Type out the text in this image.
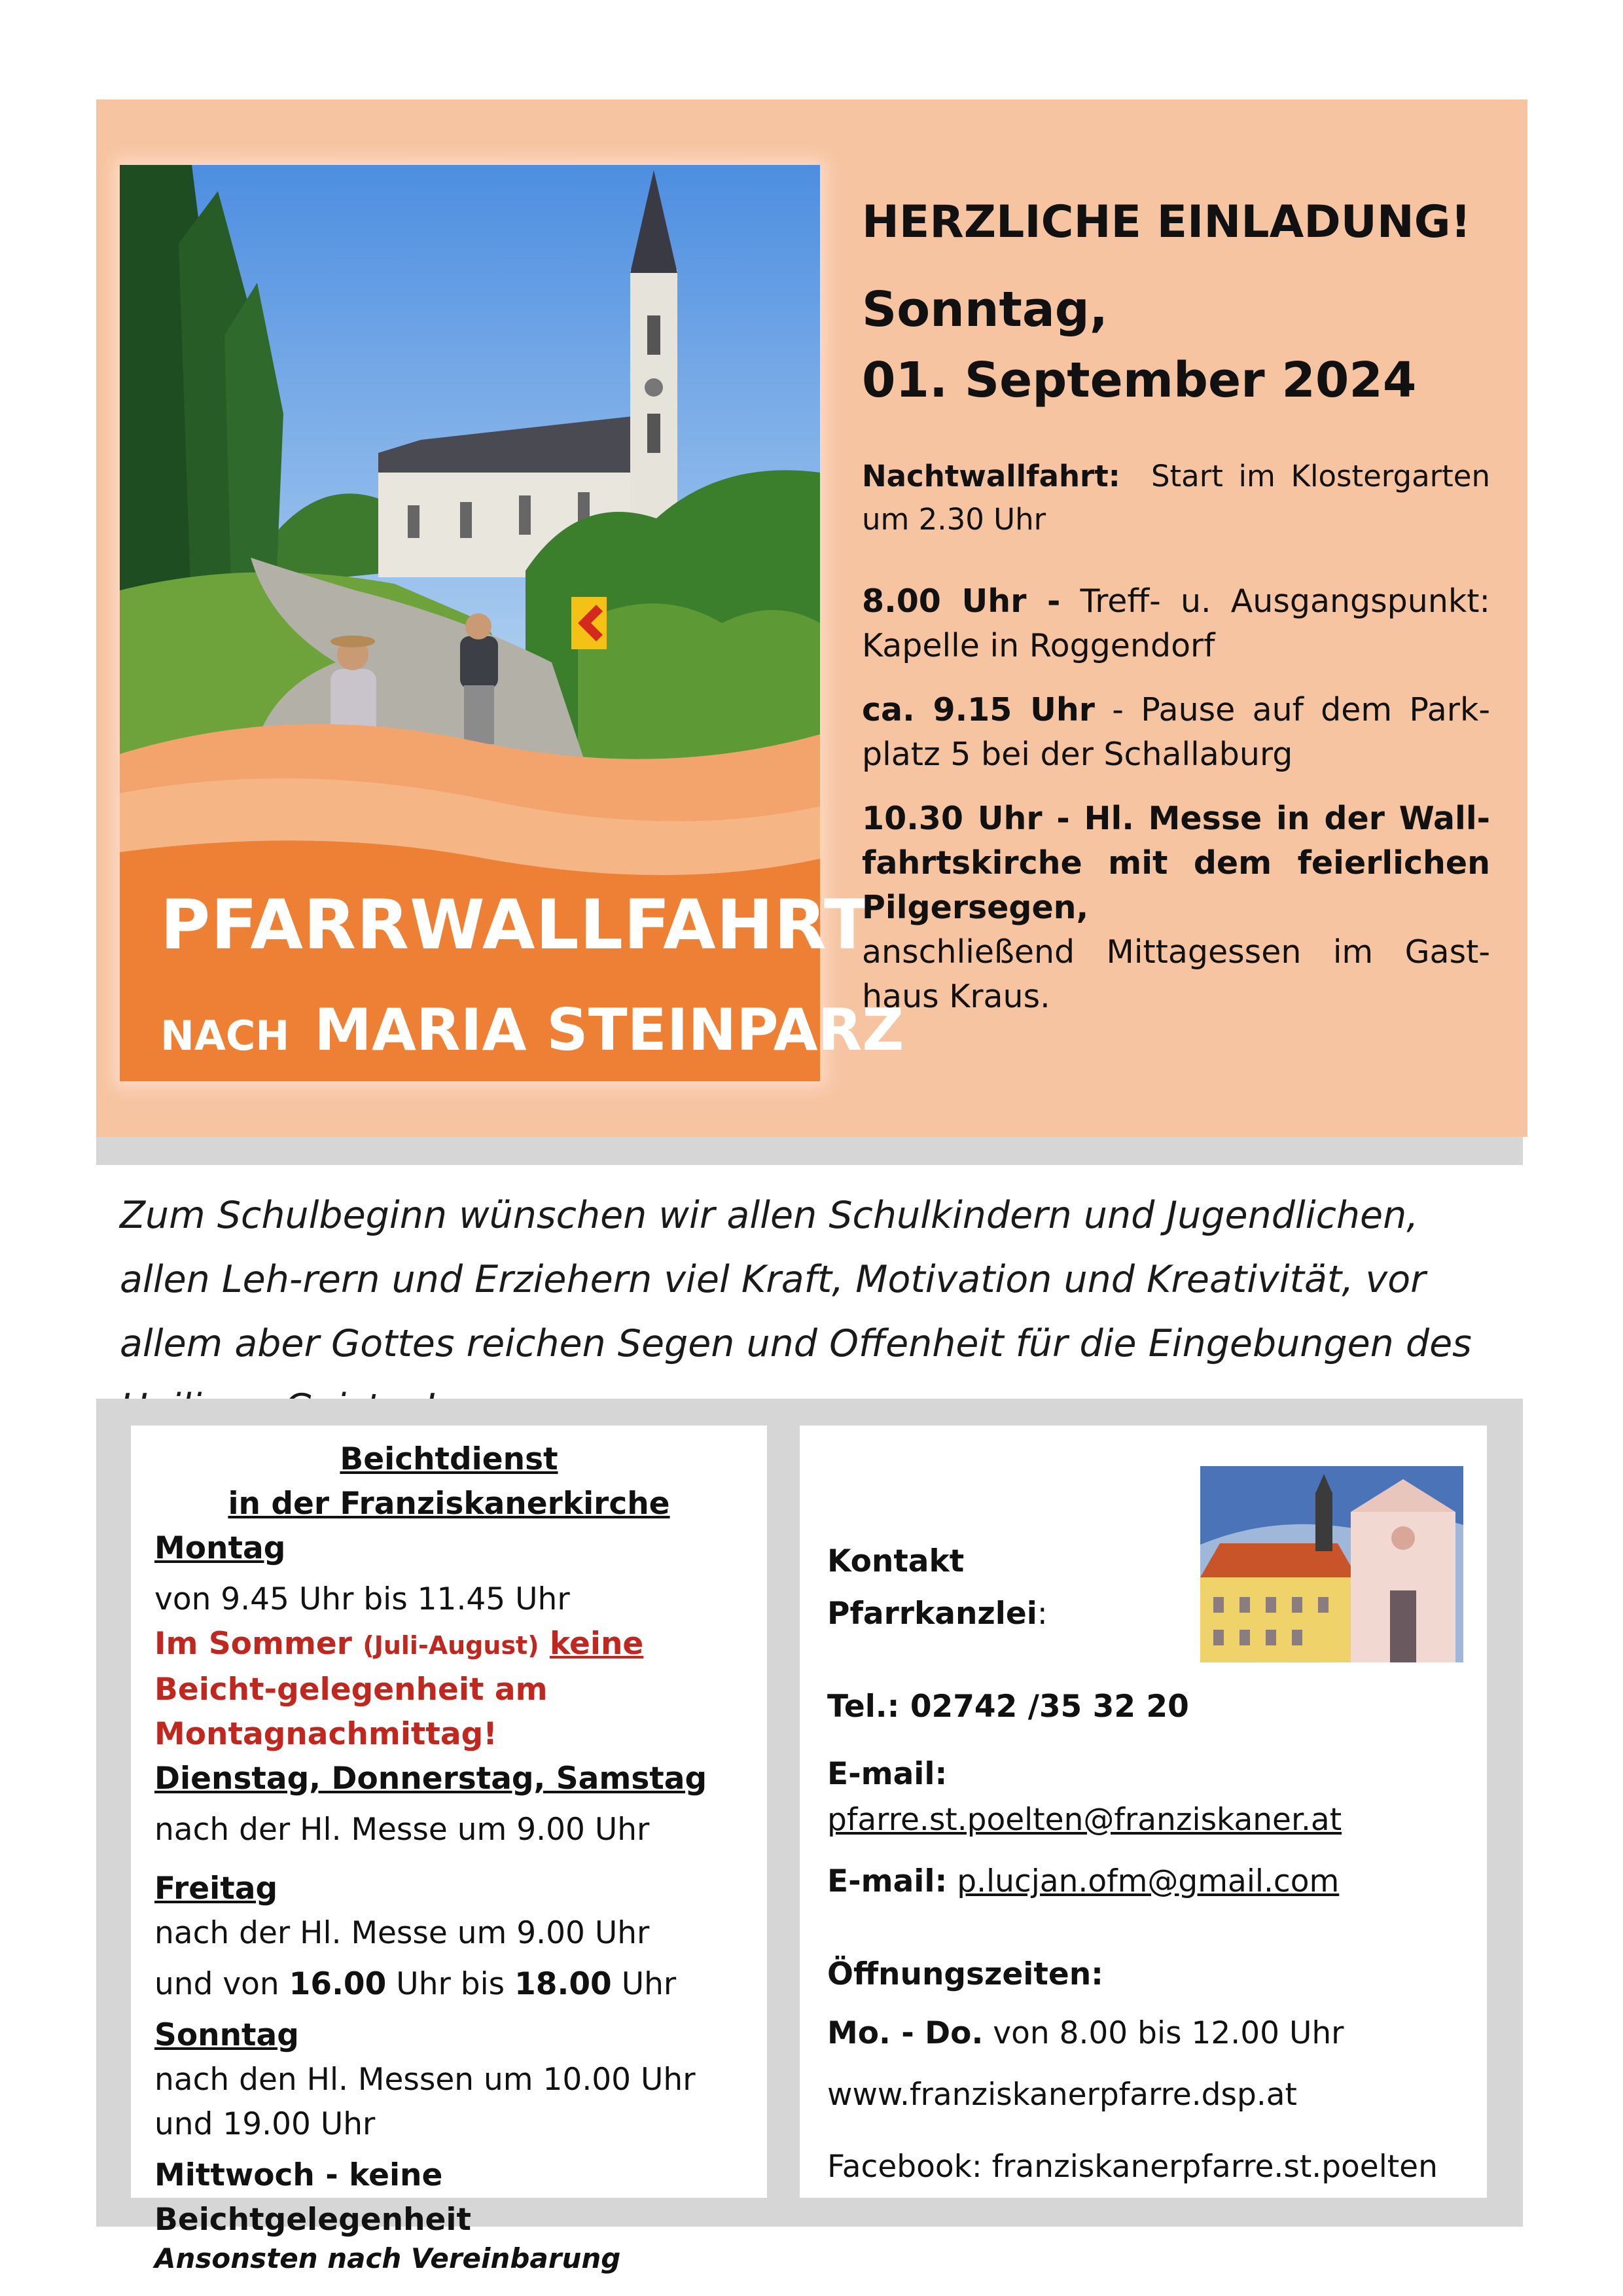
PFARRWALLFAHRT

NACH MARIA STEINPARZ

HERZLICHE EINLADUNG!

Sonntag,
01. September 2024

Nachtwallfahrt: Start im Klostergarten um 2.30 Uhr

8.00 Uhr - Treff- u. Ausgangspunkt: Kapelle in Roggendorf

ca. 9.15 Uhr - Pause auf dem Park-platz 5 bei der Schallaburg

10.30 Uhr - Hl. Messe in der Wall-fahrtskirche mit dem feierlichen Pilgersegen,
anschließend Mittagessen im Gast-haus Kraus.

Zum Schulbeginn wünschen wir allen Schulkindern und Jugendlichen, allen Leh-rern und Erziehern viel Kraft, Motivation und Kreativität, vor allem aber Gottes reichen Segen und Offenheit für die Eingebungen des

Beichtdienst

in der Franziskanerkirche

Montag

von 9.45 Uhr bis 11.45 Uhr

Im Sommer (Juli-August) keine Beicht-gelegenheit am Montagnachmittag!

Dienstag, Donnerstag, Samstag

nach der Hl. Messe um 9.00 Uhr

Freitag

nach der Hl. Messe um 9.00 Uhr

und von 16.00 Uhr bis 18.00 Uhr

Sonntag

nach den Hl. Messen um 10.00 Uhr und 19.00 Uhr

Mittwoch - keine Beichtgelegenheit

Ansonsten nach Vereinbarung

Kontakt

Pfarrkanzlei:

Tel.: 02742 /35 32 20

E-mail: pfarre.st.poelten@franziskaner.at

E-mail: p.lucjan.ofm@gmail.com

Öffnungszeiten:

Mo. - Do. von 8.00 bis 12.00 Uhr

www.franziskanerpfarre.dsp.at

Facebook: franziskanerpfarre.st.poelten
